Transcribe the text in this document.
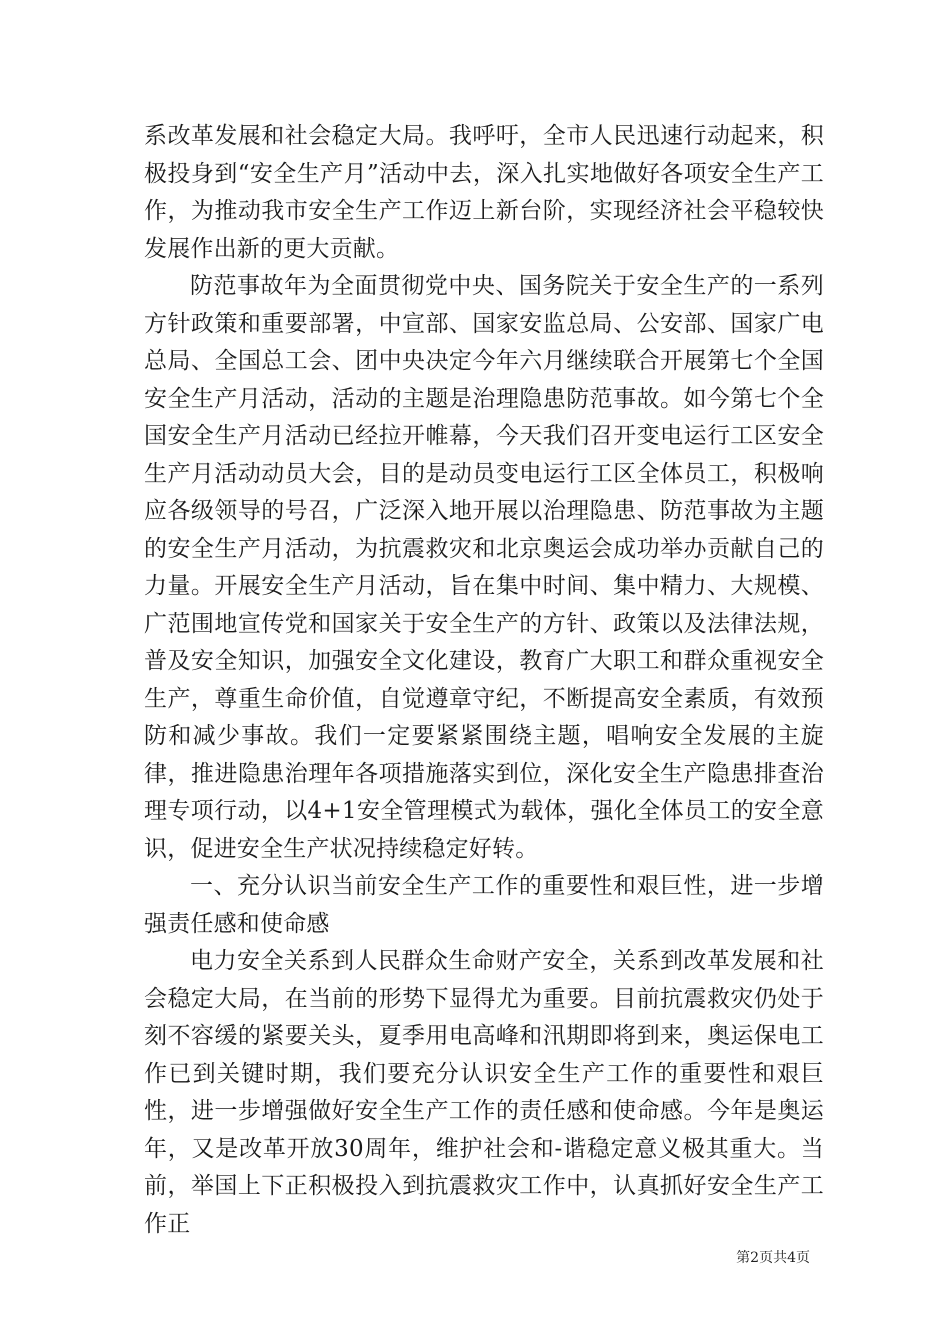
系改革发展和社会稳定大局。我呼吁，全市人民迅速行动起来，积极投身到“安全生产月”活动中去，深入扎实地做好各项安全生产工作，为推动我市安全生产工作迈上新台阶，实现经济社会平稳较快发展作出新的更大贡献。

防范事故年为全面贯彻党中央、国务院关于安全生产的一系列方针政策和重要部署，中宣部、国家安监总局、公安部、国家广电总局、全国总工会、团中央决定今年六月继续联合开展第七个全国安全生产月活动，活动的主题是治理隐患防范事故。如今第七个全国安全生产月活动已经拉开帷幕，今天我们召开变电运行工区安全生产月活动动员大会，目的是动员变电运行工区全体员工，积极响应各级领导的号召，广泛深入地开展以治理隐患、防范事故为主题的安全生产月活动，为抗震救灾和北京奥运会成功举办贡献自己的力量。开展安全生产月活动，旨在集中时间、集中精力、大规模、广范围地宣传党和国家关于安全生产的方针、政策以及法律法规，普及安全知识，加强安全文化建设，教育广大职工和群众重视安全生产，尊重生命价值，自觉遵章守纪，不断提高安全素质，有效预防和减少事故。我们一定要紧紧围绕主题，唱响安全发展的主旋律，推进隐患治理年各项措施落实到位，深化安全生产隐患排查治理专项行动，以4+1安全管理模式为载体，强化全体员工的安全意识，促进安全生产状况持续稳定好转。

一、充分认识当前安全生产工作的重要性和艰巨性，进一步增强责任感和使命感

电力安全关系到人民群众生命财产安全，关系到改革发展和社会稳定大局，在当前的形势下显得尤为重要。目前抗震救灾仍处于刻不容缓的紧要关头，夏季用电高峰和汛期即将到来，奥运保电工作已到关键时期，我们要充分认识安全生产工作的重要性和艰巨性，进一步增强做好安全生产工作的责任感和使命感。今年是奥运年，又是改革开放30周年，维护社会和-谐稳定意义极其重大。当前，举国上下正积极投入到抗震救灾工作中，认真抓好安全生产工作正

第2页共4页
